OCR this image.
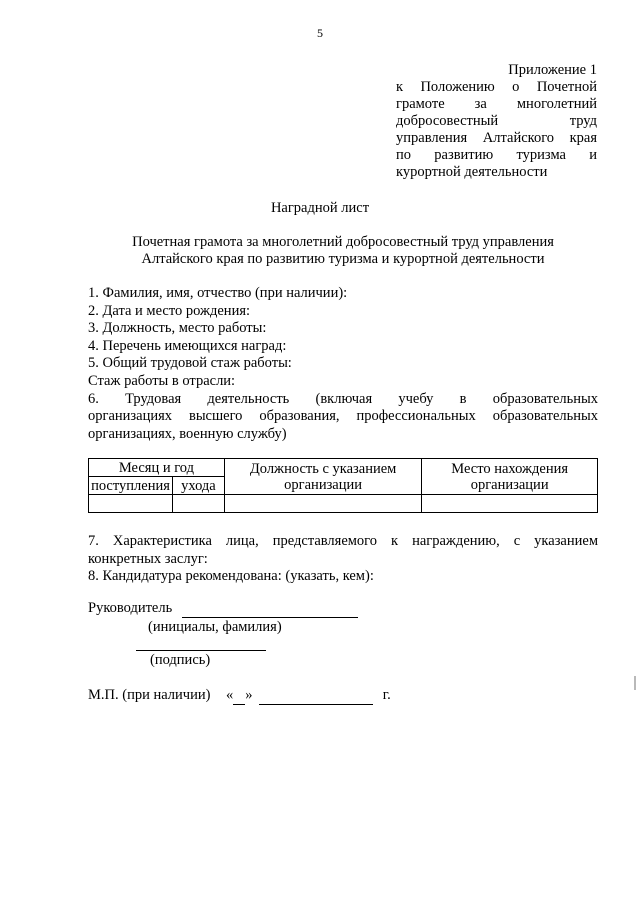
5
Приложение 1
к Положению о Почетной
грамоте за многолетний
добросовестный труд
управления Алтайского края
по развитию туризма и
курортной деятельности
Наградной лист
Почетная грамота за многолетний добросовестный труд управления
Алтайского края по развитию туризма и курортной деятельности
1. Фамилия, имя, отчество (при наличии):
2. Дата и место рождения:
3. Должность, место работы:
4. Перечень имеющихся наград:
5. Общий трудовой стаж работы:
Стаж работы в отрасли:
6. Трудовая деятельность (включая учебу в образовательных
организациях высшего образования, профессиональных образовательных
организациях, военную службу)
Месяц и год		Должность с указанием организации	Место нахождения организации
поступления	ухода		

7. Характеристика лица, представляемого к награждению, с указанием
конкретных заслуг:
8. Кандидатура рекомендована: (указать, кем):
Руководитель
(инициалы, фамилия)
(подпись)
М.П. (при наличии) « »	г.
